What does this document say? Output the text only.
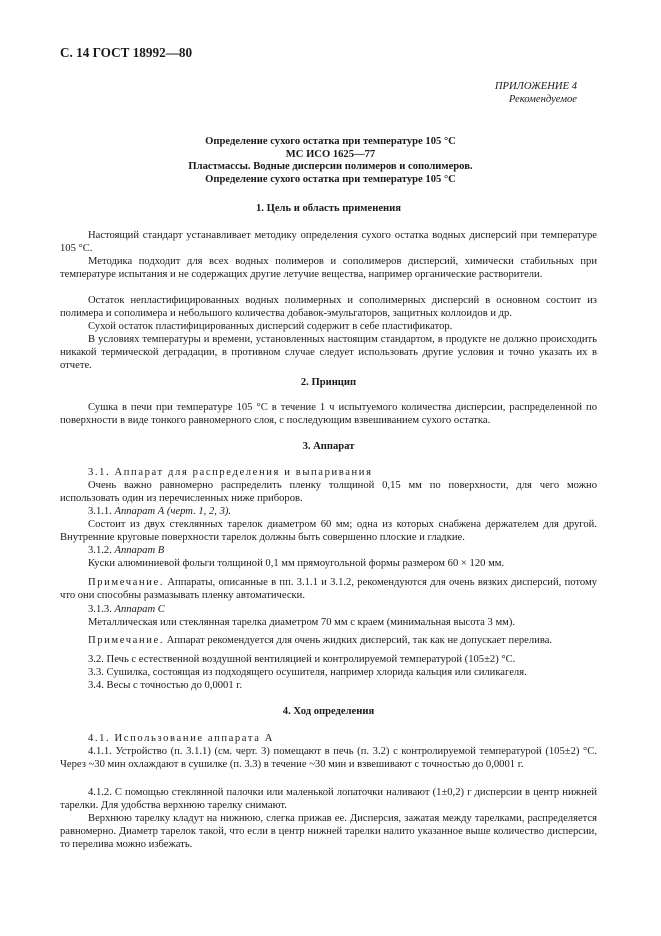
С. 14 ГОСТ 18992—80
ПРИЛОЖЕНИЕ 4
Рекомендуемое
Определение сухого остатка при температуре 105 °С
МС ИСО 1625—77
Пластмассы. Водные дисперсии полимеров и сополимеров.
Определение сухого остатка при температуре 105 °С
1. Цель и область применения
Настоящий стандарт устанавливает методику определения сухого остатка водных дисперсий при температуре 105 °С.
Методика подходит для всех водных полимеров и сополимеров дисперсий, химически стабильных при температуре испытания и не содержащих другие летучие вещества, например органические растворители.
Остаток непластифицированных водных полимерных и сополимерных дисперсий в основном состоит из полимера и сополимера и небольшого количества добавок-эмульгаторов, защитных коллоидов и др.
Сухой остаток пластифицированных дисперсий содержит в себе пластификатор.
В условиях температуры и времени, установленных настоящим стандартом, в продукте не должно происходить никакой термической деградации, в противном случае следует использовать другие условия и точно указать их в отчете.
2. Принцип
Сушка в печи при температуре 105 °С в течение 1 ч испытуемого количества дисперсии, распределенной по поверхности в виде тонкого равномерного слоя, с последующим взвешиванием сухого остатка.
3. Аппарат
3.1. Аппарат для распределения и выпаривания
Очень важно равномерно распределить пленку толщиной 0,15 мм по поверхности, для чего можно использовать один из перечисленных ниже приборов.
3.1.1. Аппарат А (черт. 1, 2, 3).
Состоит из двух стеклянных тарелок диаметром 60 мм; одна из которых снабжена держателем для другой. Внутренние круговые поверхности тарелок должны быть совершенно плоские и гладкие.
3.1.2. Аппарат В
Куски алюминиевой фольги толщиной 0,1 мм прямоугольной формы размером 60 × 120 мм.
Примечание. Аппараты, описанные в пп. 3.1.1 и 3.1.2, рекомендуются для очень вязких дисперсий, потому что они способны размазывать пленку автоматически.
3.1.3. Аппарат С
Металлическая или стеклянная тарелка диаметром 70 мм с краем (минимальная высота 3 мм).
Примечание. Аппарат рекомендуется для очень жидких дисперсий, так как не допускает перелива.
3.2. Печь с естественной воздушной вентиляцией и контролируемой температурой (105±2) °С.
3.3. Сушилка, состоящая из подходящего осушителя, например хлорида кальция или силикагеля.
3.4. Весы с точностью до 0,0001 г.
4. Ход определения
4.1. Использование аппарата А
4.1.1. Устройство (п. 3.1.1) (см. черт. 3) помещают в печь (п. 3.2) с контролируемой температурой (105±2) °С. Через ~30 мин охлаждают в сушилке (п. 3.3) в течение ~30 мин и взвешивают с точностью до 0,0001 г.
4.1.2. С помощью стеклянной палочки или маленькой лопаточки наливают (1±0,2) г дисперсии в центр нижней тарелки. Для удобства верхнюю тарелку снимают.
Верхнюю тарелку кладут на нижнюю, слегка прижав ее. Дисперсия, зажатая между тарелками, распределяется равномерно. Диаметр тарелок такой, что если в центр нижней тарелки налито указанное выше количество дисперсии, то перелива можно избежать.
